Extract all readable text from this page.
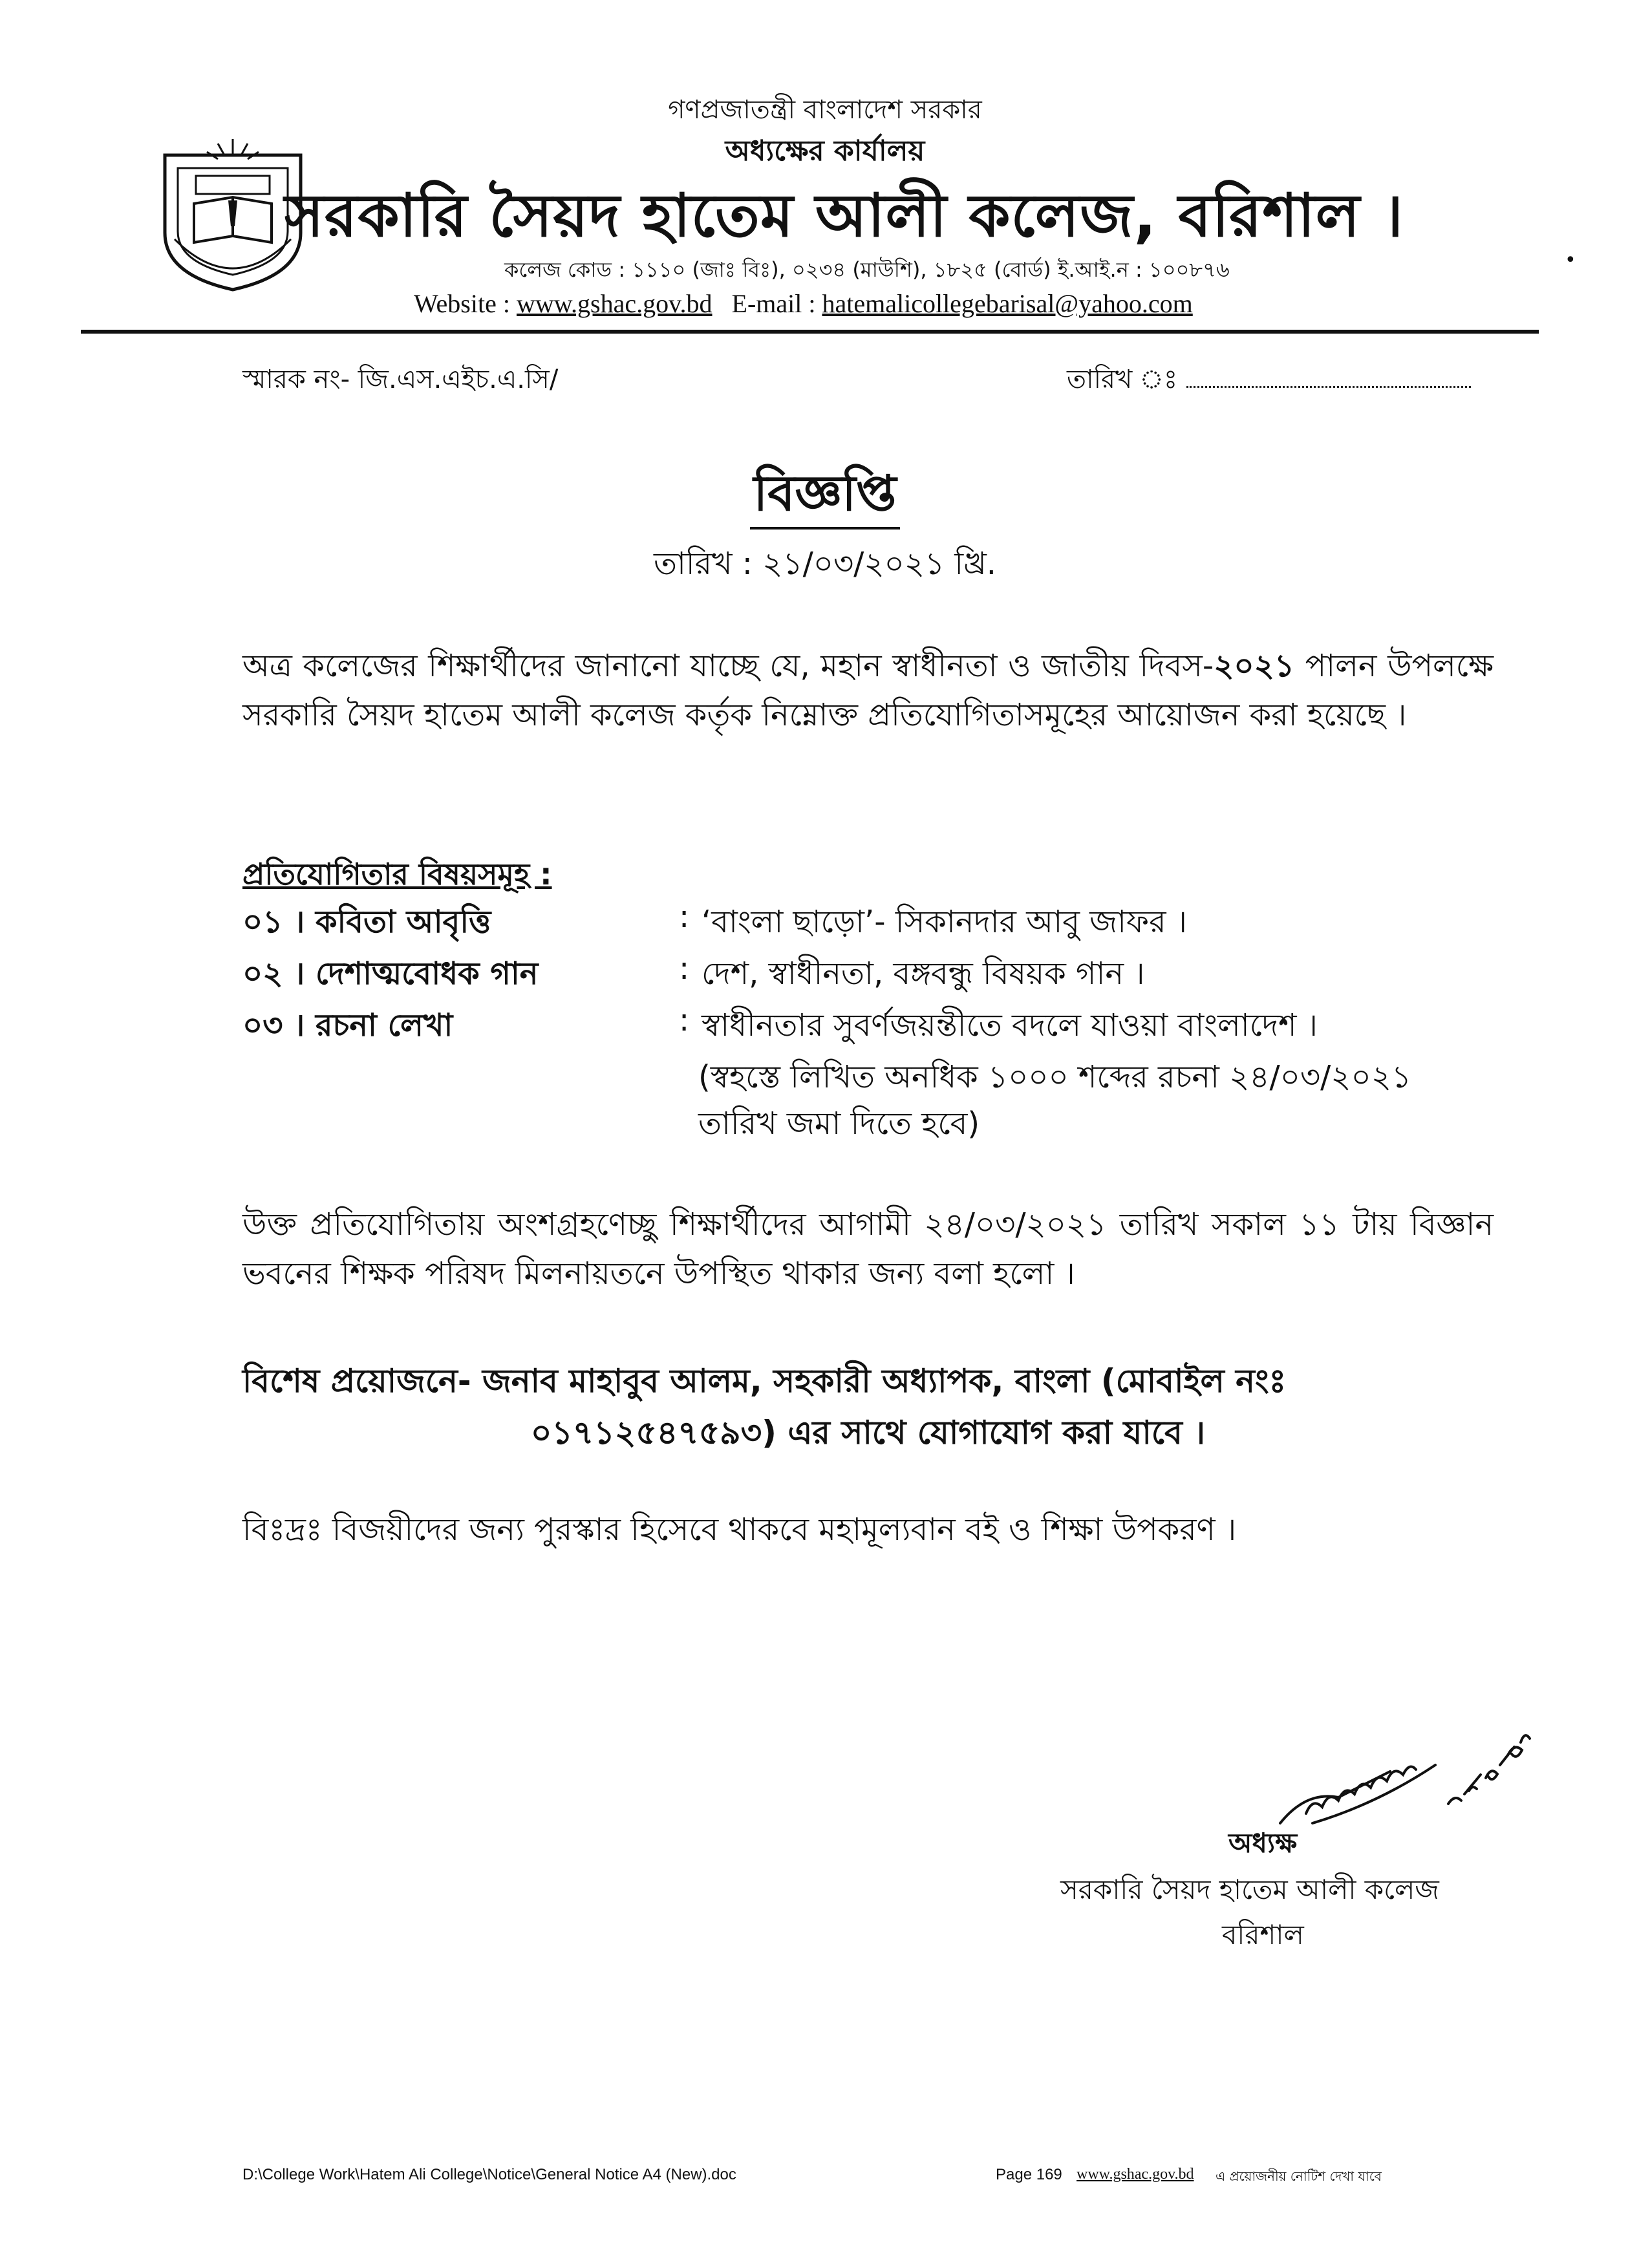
গণপ্রজাতন্ত্রী বাংলাদেশ সরকার
অধ্যক্ষের কার্যালয়
সরকারি সৈয়দ হাতেম আলী কলেজ, বরিশাল ।
•
কলেজ কোড : ১১১০ (জাঃ বিঃ), ০২৩৪ (মাউশি), ১৮২৫ (বোর্ড) ই.আই.ন : ১০০৮৭৬
Website : www.gshac.gov.bd E-mail : hatemalicollegebarisal@yahoo.com
স্মারক নং- জি.এস.এইচ.এ.সি/	তারিখ ঃ
বিজ্ঞপ্তি
তারিখ : ২১/০৩/২০২১ খ্রি.
অত্র কলেজের শিক্ষার্থীদের জানানো যাচ্ছে যে, মহান স্বাধীনতা ও জাতীয় দিবস-২০২১ পালন উপলক্ষে সরকারি সৈয়দ হাতেম আলী কলেজ কর্তৃক নিম্নোক্ত প্রতিযোগিতাসমূহের আয়োজন করা হয়েছে ।
প্রতিযোগিতার বিষয়সমূহ :
০১ । কবিতা আবৃত্তি	: ‘বাংলা ছাড়ো’- সিকানদার আবু জাফর ।
০২ । দেশাত্মবোধক গান	: দেশ, স্বাধীনতা, বঙ্গবন্ধু বিষয়ক গান ।
০৩ । রচনা লেখা	: স্বাধীনতার সুবর্ণজয়ন্তীতে বদলে যাওয়া বাংলাদেশ ।
(স্বহস্তে লিখিত অনধিক ১০০০ শব্দের রচনা ২৪/০৩/২০২১ তারিখ জমা দিতে হবে)
উক্ত প্রতিযোগিতায় অংশগ্রহণেচ্ছু শিক্ষার্থীদের আগামী ২৪/০৩/২০২১ তারিখ সকাল ১১ টায় বিজ্ঞান ভবনের শিক্ষক পরিষদ মিলনায়তনে উপস্থিত থাকার জন্য বলা হলো ।
বিশেষ প্রয়োজনে- জনাব মাহাবুব আলম, সহকারী অধ্যাপক, বাংলা (মোবাইল নংঃ
০১৭১২৫৪৭৫৯৩) এর সাথে যোগাযোগ করা যাবে ।
বিঃদ্রঃ বিজয়ীদের জন্য পুরস্কার হিসেবে থাকবে মহামূল্যবান বই ও শিক্ষা উপকরণ ।
অধ্যক্ষ
সরকারি সৈয়দ হাতেম আলী কলেজ
বরিশাল
D:\College Work\Hatem Ali College\Notice\General Notice A4 (New).doc	Page 169 www.gshac.gov.bd এ প্রয়োজনীয় নোটিশ দেখা যাবে
